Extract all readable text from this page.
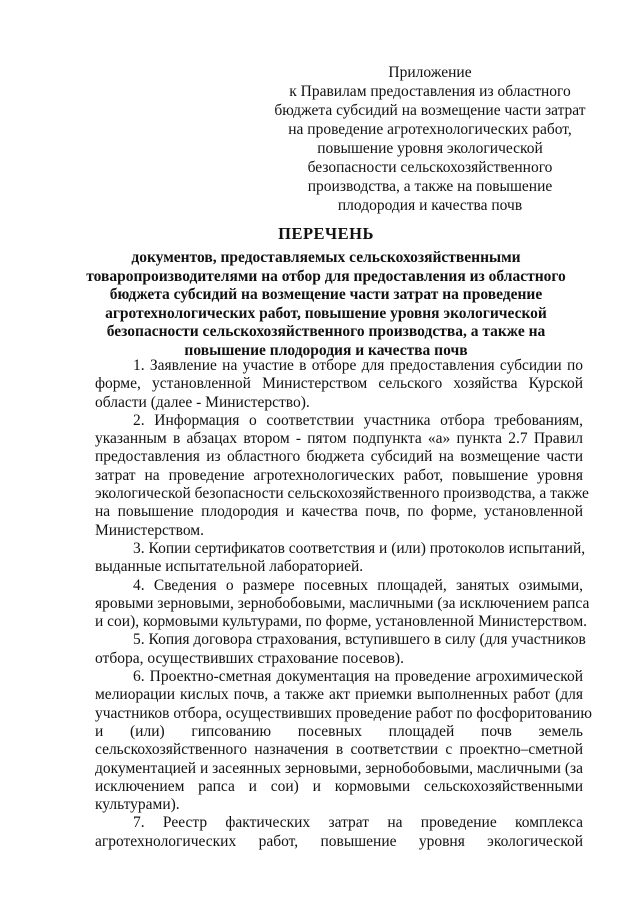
Приложение
к Правилам предоставления из областного
бюджета субсидий на возмещение части затрат
на проведение агротехнологических работ,
повышение уровня экологической
безопасности сельскохозяйственного
производства, а также на повышение
плодородия и качества почв
ПЕРЕЧЕНЬ
документов, предоставляемых сельскохозяйственными
товаропроизводителями на отбор для предоставления из областного
бюджета субсидий на возмещение части затрат на проведение
агротехнологических работ, повышение уровня экологической
безопасности сельскохозяйственного производства, а также на
повышение плодородия и качества почв
1. Заявление на участие в отборе для предоставления субсидии по
форме, установленной Министерством сельского хозяйства Курской
области (далее - Министерство).
2. Информация о соответствии участника отбора требованиям,
указанным в абзацах втором - пятом подпункта «а» пункта 2.7 Правил
предоставления из областного бюджета субсидий на возмещение части
затрат на проведение агротехнологических работ, повышение уровня
экологической безопасности сельскохозяйственного производства, а также
на повышение плодородия и качества почв, по форме, установленной
Министерством.
3. Копии сертификатов соответствия и (или) протоколов испытаний,
выданные испытательной лабораторией.
4. Сведения о размере посевных площадей, занятых озимыми,
яровыми зерновыми, зернобобовыми, масличными (за исключением рапса
и сои), кормовыми культурами, по форме, установленной Министерством.
5. Копия договора страхования, вступившего в силу (для участников
отбора, осуществивших страхование посевов).
6. Проектно-сметная документация на проведение агрохимической
мелиорации кислых почв, а также акт приемки выполненных работ (для
участников отбора, осуществивших проведение работ по фосфоритованию
и (или) гипсованию посевных площадей почв земель
сельскохозяйственного назначения в соответствии с проектно–сметной
документацией и засеянных зерновыми, зернобобовыми, масличными (за
исключением рапса и сои) и кормовыми сельскохозяйственными
культурами).
7. Реестр фактических затрат на проведение комплекса
агротехнологических работ, повышение уровня экологической
